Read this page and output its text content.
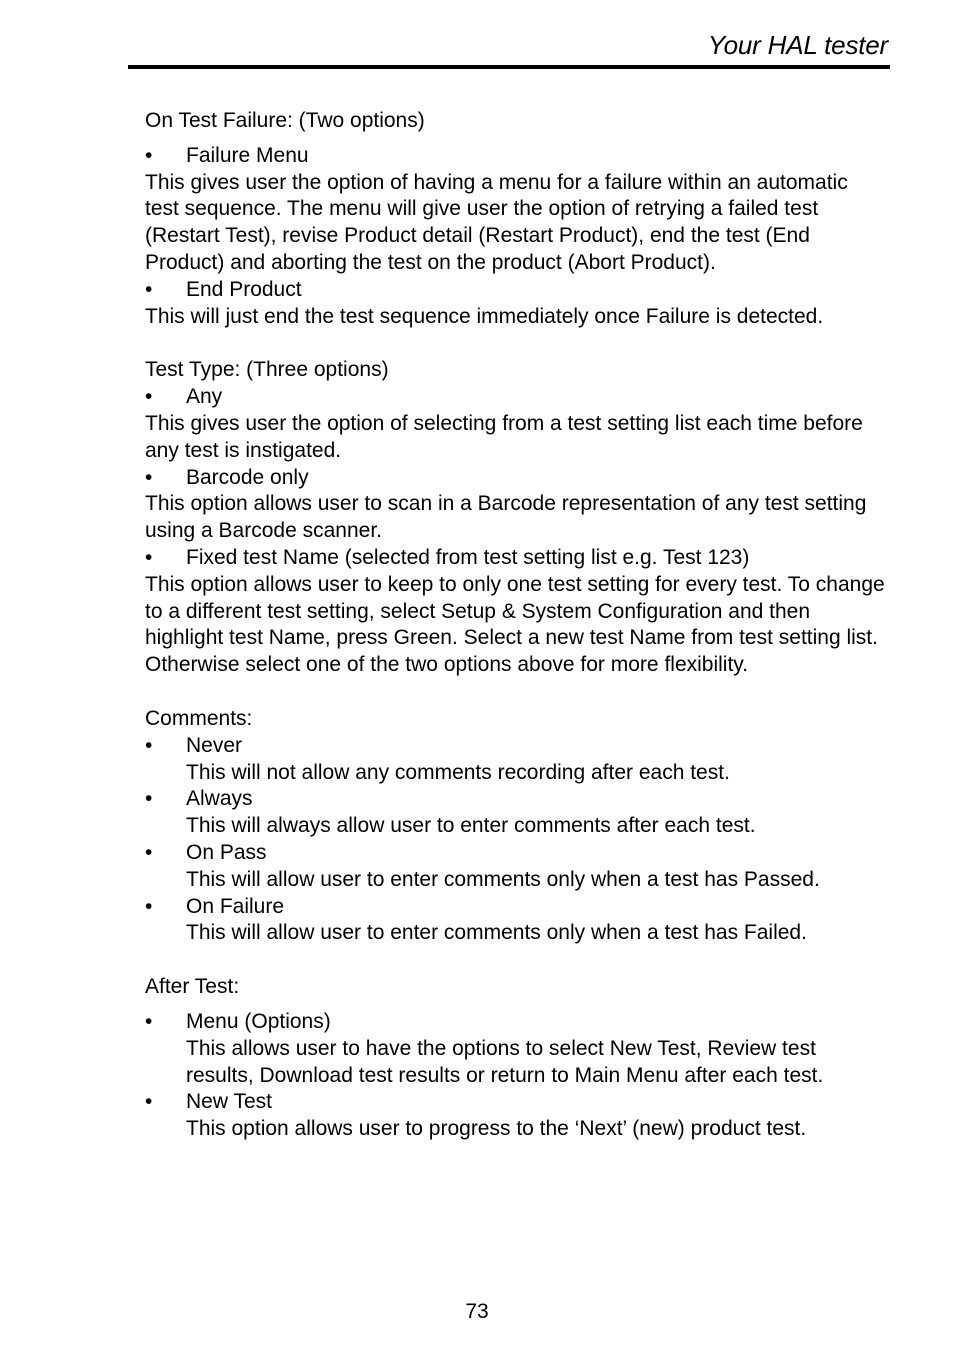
Your HAL tester

On Test Failure: (Two options)

•	Failure Menu

This gives user the option of having a menu for a failure within an automatic test sequence. The menu will give user the option of retrying a failed test (Restart Test), revise Product detail (Restart Product), end the test (End Product) and aborting the test on the product (Abort Product).

•	End Product

This will just end the test sequence immediately once Failure is detected.

Test Type: (Three options)

•	Any

This gives user the option of selecting from a test setting list each time before any test is instigated.

•	Barcode only

This option allows user to scan in a Barcode representation of any test setting using a Barcode scanner.

•	Fixed test Name (selected from test setting list e.g. Test 123)

This option allows user to keep to only one test setting for every test. To change to a different test setting, select Setup & System Configuration and then highlight test Name, press Green. Select a new test Name from test setting list.

Otherwise select one of the two options above for more flexibility.

Comments:

•	Never

This will not allow any comments recording after each test.

•	Always

This will always allow user to enter comments after each test.

•	On Pass

This will allow user to enter comments only when a test has Passed.

•	On Failure

This will allow user to enter comments only when a test has Failed.

After Test:

•	Menu (Options)

This allows user to have the options to select New Test, Review test results, Download test results or return to Main Menu after each test.

•	New Test

This option allows user to progress to the ‘Next’ (new) product test.

73
